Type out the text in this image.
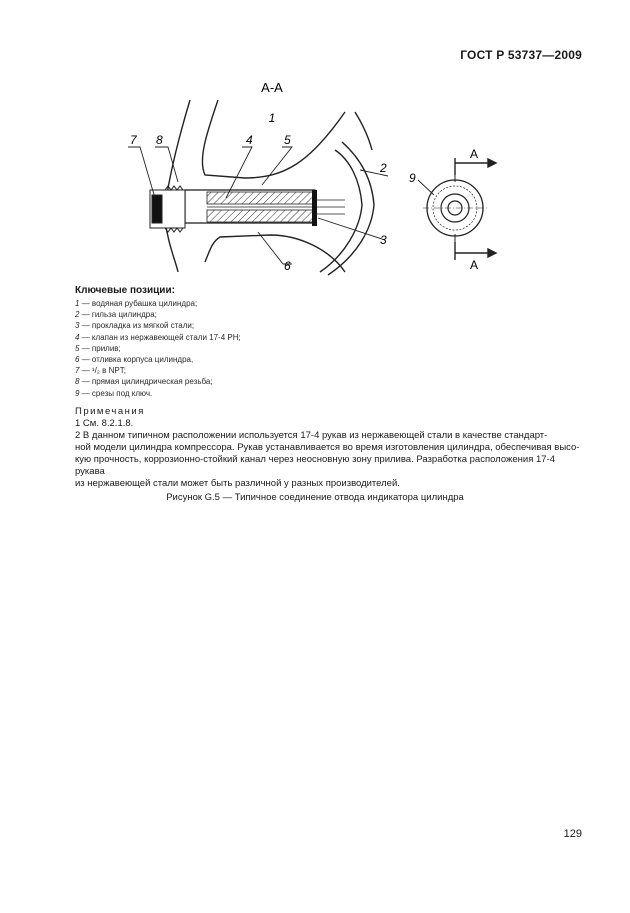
ГОСТ Р 53737—2009
А-А
1
2
3
4	5
6
7 8
9
А
А
Ключевые позиции:
1 — водяная рубашка цилиндра;
2 — гильза цилиндра;
3 — прокладка из мягкой стали;
4 — клапан из нержавеющей стали 17-4 РН;
5 — прилив;
6 — отливка корпуса цилиндра,
7 — ¹/₂ в NPT;
8 — прямая цилиндрическая резьба;
9 — срезы под ключ.

Примечания

1 См. 8.2.1.8.

2 В данном типичном расположении используется 17-4 рукав из нержавеющей стали в качестве стандарт-

ной модели цилиндра компрессора. Рукав устанавливается во время изготовления цилиндра, обеспечивая высо-

кую прочность, коррозионно-стойкий канал через неосновную зону прилива. Разработка расположения 17-4 рукава

из нержавеющей стали может быть различной у разных производителей.

Рисунок G.5 — Типичное соединение отвода индикатора цилиндра
129
